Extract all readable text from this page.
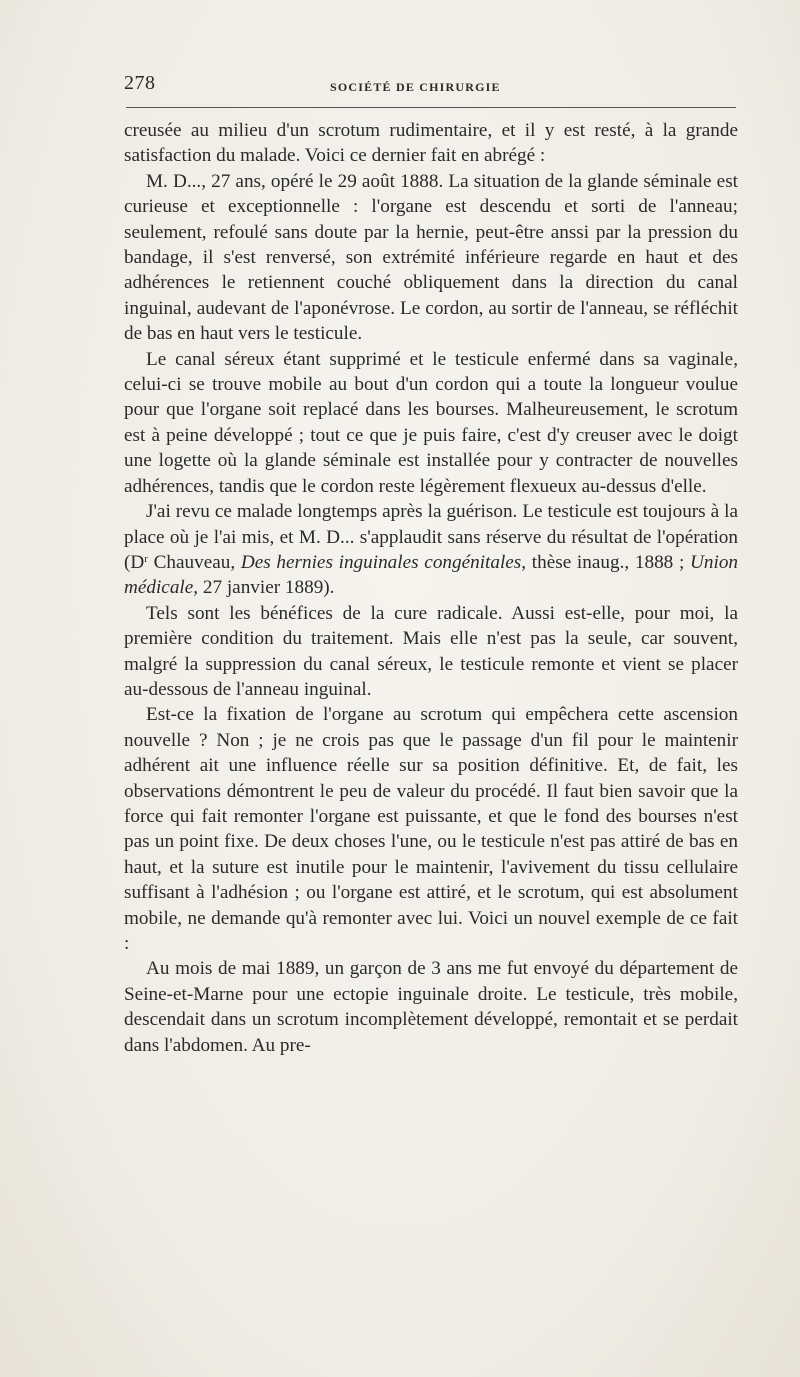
278	SOCIÉTÉ DE CHIRURGIE

creusée au milieu d'un scrotum rudimentaire, et il y est resté, à la grande satisfaction du malade. Voici ce dernier fait en abrégé :

M. D..., 27 ans, opéré le 29 août 1888. La situation de la glande séminale est curieuse et exceptionnelle : l'organe est descendu et sorti de l'anneau; seulement, refoulé sans doute par la hernie, peut-être anssi par la pression du bandage, il s'est renversé, son extrémité inférieure regarde en haut et des adhérences le retiennent couché obliquement dans la direction du canal inguinal, audevant de l'aponévrose. Le cordon, au sortir de l'anneau, se réfléchit de bas en haut vers le testicule.

Le canal séreux étant supprimé et le testicule enfermé dans sa vaginale, celui-ci se trouve mobile au bout d'un cordon qui a toute la longueur voulue pour que l'organe soit replacé dans les bourses. Malheureusement, le scrotum est à peine développé ; tout ce que je puis faire, c'est d'y creuser avec le doigt une logette où la glande séminale est installée pour y contracter de nouvelles adhérences, tandis que le cordon reste légèrement flexueux au-dessus d'elle.

J'ai revu ce malade longtemps après la guérison. Le testicule est toujours à la place où je l'ai mis, et M. D... s'applaudit sans réserve du résultat de l'opération ($D^r$ Chauveau, Des hernies inguinales congénitales, thèse inaug., 1888 ; Union médicale, 27 janvier 1889).

Tels sont les bénéfices de la cure radicale. Aussi est-elle, pour moi, la première condition du traitement. Mais elle n'est pas la seule, car souvent, malgré la suppression du canal séreux, le testicule remonte et vient se placer au-dessous de l'anneau inguinal.

Est-ce la fixation de l'organe au scrotum qui empêchera cette ascension nouvelle ? Non ; je ne crois pas que le passage d'un fil pour le maintenir adhérent ait une influence réelle sur sa position définitive. Et, de fait, les observations démontrent le peu de valeur du procédé. Il faut bien savoir que la force qui fait remonter l'organe est puissante, et que le fond des bourses n'est pas un point fixe. De deux choses l'une, ou le testicule n'est pas attiré de bas en haut, et la suture est inutile pour le maintenir, l'avivement du tissu cellulaire suffisant à l'adhésion ; ou l'organe est attiré, et le scrotum, qui est absolument mobile, ne demande qu'à remonter avec lui. Voici un nouvel exemple de ce fait :

Au mois de mai 1889, un garçon de 3 ans me fut envoyé du département de Seine-et-Marne pour une ectopie inguinale droite. Le testicule, très mobile, descendait dans un scrotum incomplètement développé, remontait et se perdait dans l'abdomen. Au pre-
